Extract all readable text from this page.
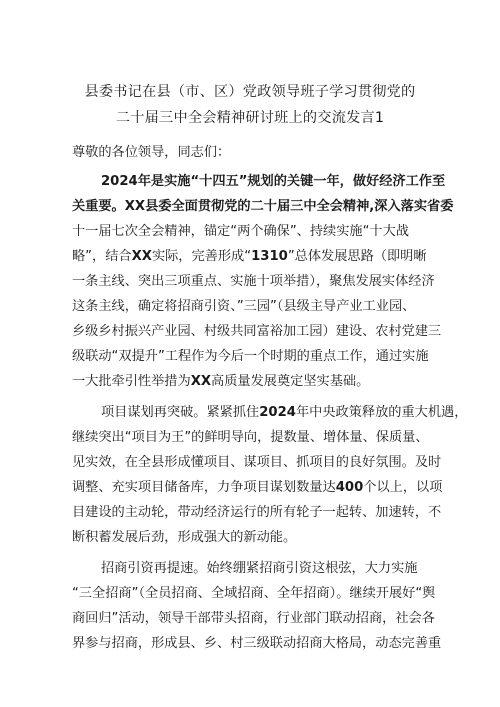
县委书记在县（市、区）党政领导班子学习贯彻党的
二十届三中全会精神研讨班上的交流发言1

尊敬的各位领导，同志们：

2024年是实施“十四五”规划的关键一年，做好经济工作至
关重要。XX县委全面贯彻党的二十届三中全会精神,深入落实省委
十一届七次全会精神，锚定“两个确保”、持续实施“十大战
略”，结合XX实际，完善形成“1310”总体发展思路（即明晰
一条主线、突出三项重点、实施十项举措），聚焦发展实体经济
这条主线，确定将招商引资、”三园”（县级主导产业工业园、
乡级乡村振兴产业园、村级共同富裕加工园）建设、农村党建三
级联动“双提升”工程作为今后一个时期的重点工作，通过实施
一大批牵引性举措为XX高质量发展奠定坚实基础。
项目谋划再突破。紧紧抓住2024年中央政策释放的重大机遇，
继续突出“项目为王”的鲜明导向，提数量、增体量、保质量、
见实效，在全县形成懂项目、谋项目、抓项目的良好氛围。及时
调整、充实项目储备库，力争项目谋划数量达400个以上，以项
目建设的主动轮，带动经济运行的所有轮子一起转、加速转，不
断积蓄发展后劲，形成强大的新动能。
招商引资再提速。始终绷紧招商引资这根弦，大力实施
“三全招商”（全员招商、全域招商、全年招商）。继续开展好“舆
商回归”活动，领导干部带头招商，行业部门联动招商，社会各
界参与招商，形成县、乡、村三级联动招商大格局，动态完善重
